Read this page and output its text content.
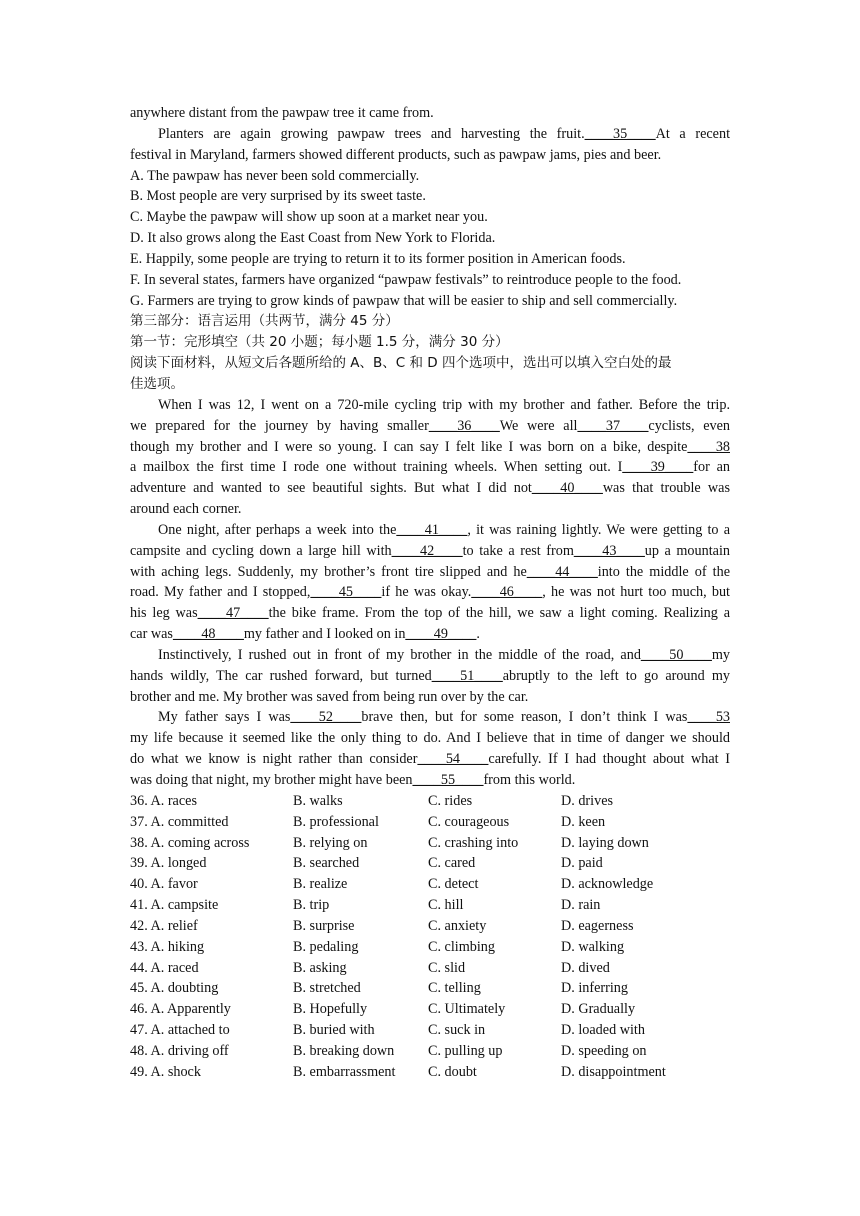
anywhere distant from the pawpaw tree it came from.
Planters are again growing pawpaw trees and harvesting the fruit.____35____At a recent
festival in Maryland, farmers showed different products, such as pawpaw jams, pies and beer.
A. The pawpaw has never been sold commercially.
B. Most people are very surprised by its sweet taste.
C. Maybe the pawpaw will show up soon at a market near you.
D. It also grows along the East Coast from New York to Florida.
E. Happily, some people are trying to return it to its former position in American foods.
F. In several states, farmers have organized “pawpaw festivals” to reintroduce people to the food.
G. Farmers are trying to grow kinds of pawpaw that will be easier to ship and sell commercially.
第三部分：语言运用（共两节，满分 45 分）
第一节：完形填空（共 20 小题；每小题 1.5 分，满分 30 分）
阅读下面材料，从短文后各题所给的 A、B、C 和 D 四个选项中，选出可以填入空白处的最
佳选项。
When I was 12, I went on a 720-mile cycling trip with my brother and father. Before the trip.
we prepared for the journey by having smaller____36____We were all____37____cyclists, even
though my brother and I were so young. I can say I felt like I was born on a bike, despite____38
a mailbox the first time I rode one without training wheels. When setting out. I____39____for an
adventure and wanted to see beautiful sights. But what I did not____40____was that trouble was
around each corner.
One night, after perhaps a week into the____41____, it was raining lightly. We were getting to a
campsite and cycling down a large hill with____42____to take a rest from____43____up a mountain
with aching legs. Suddenly, my brother’s front tire slipped and he____44____into the middle of the
road. My father and I stopped,____45____if he was okay.____46____, he was not hurt too much, but
his leg was____47____the bike frame. From the top of the hill, we saw a light coming. Realizing a
car was____48____my father and I looked on in____49____.
Instinctively, I rushed out in front of my brother in the middle of the road, and____50____my
hands wildly, The car rushed forward, but turned____51____abruptly to the left to go around my
brother and me. My brother was saved from being run over by the car.
My father says I was____52____brave then, but for some reason, I don’t think I was____53
my life because it seemed like the only thing to do. And I believe that in time of danger we should
do what we know is night rather than consider____54____carefully. If I had thought about what I
was doing that night, my brother might have been____55____from this world.
36. A. races	B. walks	C. rides	D. drives
37. A. committed	B. professional	C. courageous	D. keen
38. A. coming across	B. relying on	C. crashing into	D. laying down
39. A. longed	B. searched	C. cared	D. paid
40. A. favor	B. realize	C. detect	D. acknowledge
41. A. campsite	B. trip	C. hill	D. rain
42. A. relief	B. surprise	C. anxiety	D. eagerness
43. A. hiking	B. pedaling	C. climbing	D. walking
44. A. raced	B. asking	C. slid	D. dived
45. A. doubting	B. stretched	C. telling	D. inferring
46. A. Apparently	B. Hopefully	C. Ultimately	D. Gradually
47. A. attached to	B. buried with	C. suck in	D. loaded with
48. A. driving off	B. breaking down	C. pulling up	D. speeding on
49. A. shock	B. embarrassment	C. doubt	D. disappointment
